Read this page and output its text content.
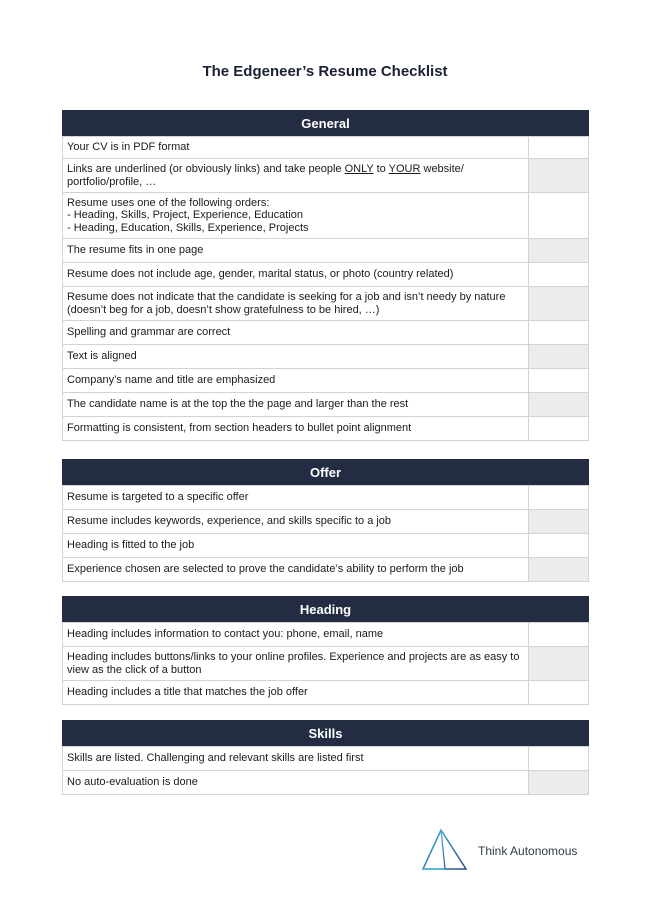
The Edgeneer’s Resume Checklist
General
Your CV is in PDF format	
Links are underlined (or obviously links) and take people ONLY to YOUR website/ portfolio/profile, …	
Resume uses one of the following orders:
- Heading, Skills, Project, Experience, Education
- Heading, Education, Skills, Experience, Projects	
The resume fits in one page	
Resume does not include age, gender, marital status, or photo (country related)	
Resume does not indicate that the candidate is seeking for a job and isn’t needy by nature (doesn’t beg for a job, doesn’t show gratefulness to be hired, …)	
Spelling and grammar are correct	
Text is aligned	
Company’s name and title are emphasized	
The candidate name is at the top the the page and larger than the rest	
Formatting is consistent, from section headers to bullet point alignment	
Offer
Resume is targeted to a specific offer	
Resume includes keywords, experience, and skills specific to a job	
Heading is fitted to the job	
Experience chosen are selected to prove the candidate’s ability to perform the job	
Heading
Heading includes information to contact you: phone, email, name	
Heading includes buttons/links to your online profiles. Experience and projects are as easy to view as the click of a button	
Heading includes a title that matches the job offer	
Skills
Skills are listed. Challenging and relevant skills are listed first	
No auto-evaluation is done	
Think Autonomous
